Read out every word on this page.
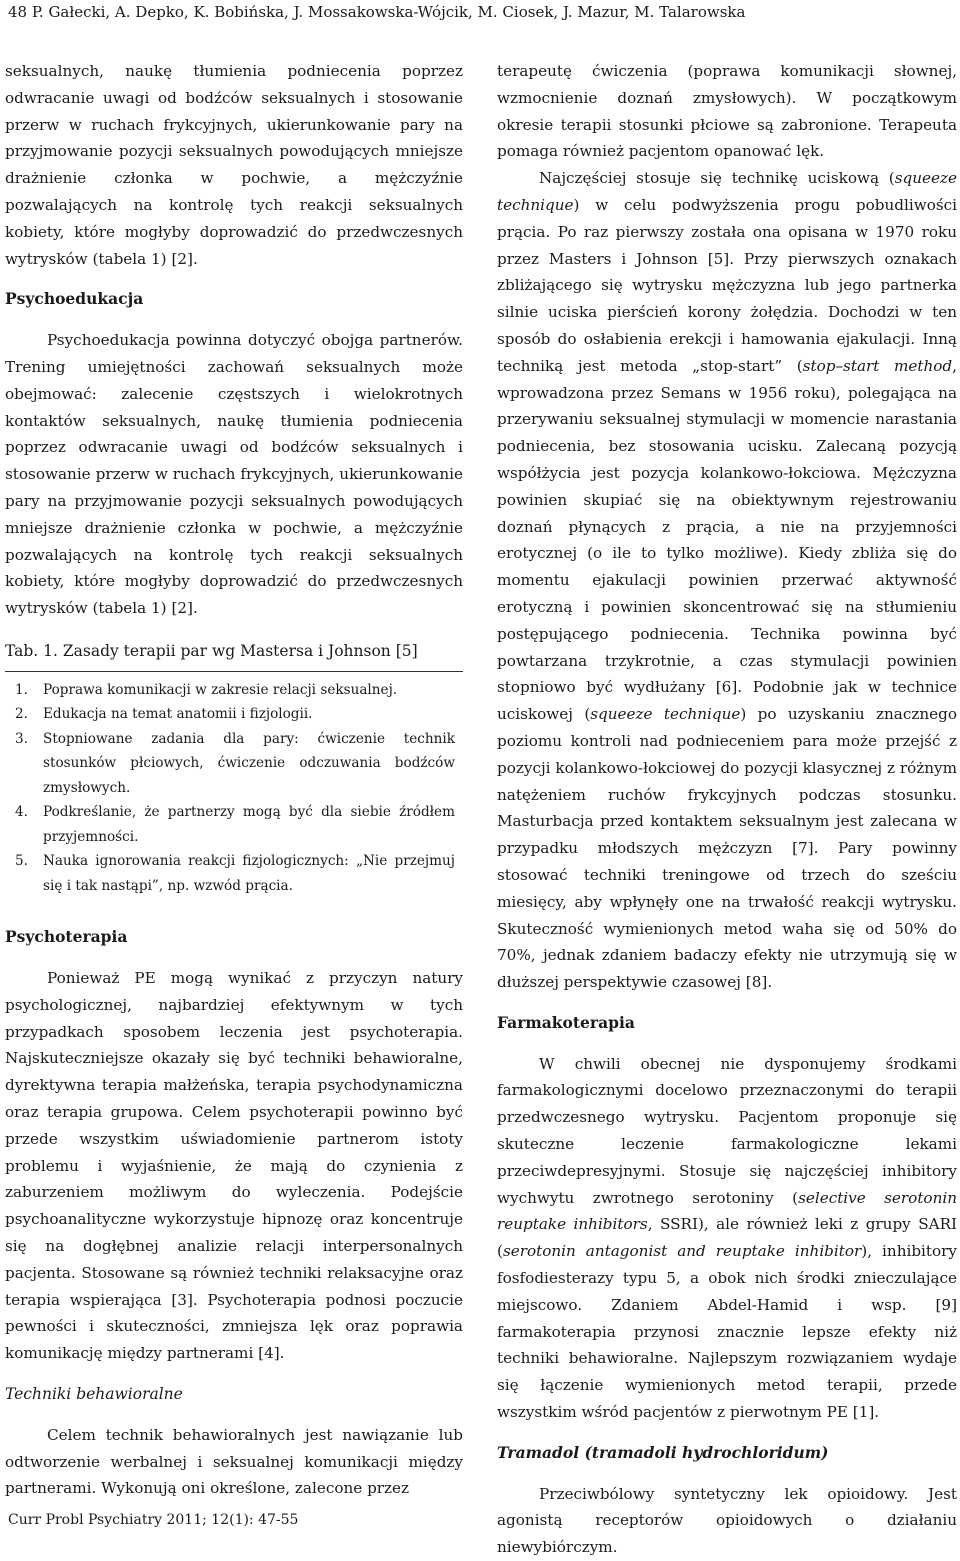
48 P. Gałecki, A. Depko, K. Bobińska, J. Mossakowska-Wójcik, M. Ciosek, J. Mazur, M. Talarowska

seksualnych, naukę tłumienia podniecenia poprzez odwracanie uwagi od bodźców seksualnych i stosowanie przerw w ruchach frykcyjnych, ukierunkowanie pary na przyjmowanie pozycji seksualnych powodujących mniejsze drażnienie członka w pochwie, a mężczyźnie pozwalających na kontrolę tych reakcji seksualnych kobiety, które mogłyby doprowadzić do przedwczesnych wytrysków (tabela 1) [2].

Psychoedukacja

Psychoedukacja powinna dotyczyć obojga partnerów. Trening umiejętności zachowań seksualnych może obejmować: zalecenie częstszych i wielokrotnych kontaktów seksualnych, naukę tłumienia podniecenia poprzez odwracanie uwagi od bodźców seksualnych i stosowanie przerw w ruchach frykcyjnych, ukierunkowanie pary na przyjmowanie pozycji seksualnych powodujących mniejsze drażnienie członka w pochwie, a mężczyźnie pozwalających na kontrolę tych reakcji seksualnych kobiety, które mogłyby doprowadzić do przedwczesnych wytrysków (tabela 1) [2].

Tab. 1. Zasady terapii par wg Mastersa i Johnson [5]
1.	Poprawa komunikacji w zakresie relacji seksualnej.
2.	Edukacja na temat anatomii i fizjologii.
3.	Stopniowane zadania dla pary: ćwiczenie technik stosunków płciowych, ćwiczenie odczuwania bodźców zmysłowych.
4.	Podkreślanie, że partnerzy mogą być dla siebie źródłem przyjemności.
5.	Nauka ignorowania reakcji fizjologicznych: „Nie przejmuj się i tak nastąpi”, np. wzwód prącia.
Psychoterapia

Ponieważ PE mogą wynikać z przyczyn natury psychologicznej, najbardziej efektywnym w tych przypadkach sposobem leczenia jest psychoterapia. Najskuteczniejsze okazały się być techniki behawioralne, dyrektywna terapia małżeńska, terapia psychodynamiczna oraz terapia grupowa. Celem psychoterapii powinno być przede wszystkim uświadomienie partnerom istoty problemu i wyjaśnienie, że mają do czynienia z zaburzeniem możliwym do wyleczenia. Podejście psychoanalityczne wykorzystuje hipnozę oraz koncentruje się na dogłębnej analizie relacji interpersonalnych pacjenta. Stosowane są również techniki relaksacyjne oraz terapia wspierająca [3]. Psychoterapia podnosi poczucie pewności i skuteczności, zmniejsza lęk oraz poprawia komunikację między partnerami [4].

Techniki behawioralne

Celem technik behawioralnych jest nawiązanie lub odtworzenie werbalnej i seksualnej komunikacji między partnerami. Wykonują oni określone, zalecone przez

terapeutę ćwiczenia (poprawa komunikacji słownej, wzmocnienie doznań zmysłowych). W początkowym okresie terapii stosunki płciowe są zabronione. Terapeuta pomaga również pacjentom opanować lęk.

Najczęściej stosuje się technikę uciskową (squeeze technique) w celu podwyższenia progu pobudliwości prącia. Po raz pierwszy została ona opisana w 1970 roku przez Masters i Johnson [5]. Przy pierwszych oznakach zbliżającego się wytrysku mężczyzna lub jego partnerka silnie uciska pierścień korony żołędzia. Dochodzi w ten sposób do osłabienia erekcji i hamowania ejakulacji. Inną techniką jest metoda „stop-start” (stop–start method, wprowadzona przez Semans w 1956 roku), polegająca na przerywaniu seksualnej stymulacji w momencie narastania podniecenia, bez stosowania ucisku. Zalecaną pozycją współżycia jest pozycja kolankowo-łokciowa. Mężczyzna powinien skupiać się na obiektywnym rejestrowaniu doznań płynących z prącia, a nie na przyjemności erotycznej (o ile to tylko możliwe). Kiedy zbliża się do momentu ejakulacji powinien przerwać aktywność erotyczną i powinien skoncentrować się na stłumieniu postępującego podniecenia. Technika powinna być powtarzana trzykrotnie, a czas stymulacji powinien stopniowo być wydłużany [6]. Podobnie jak w technice uciskowej (squeeze technique) po uzyskaniu znacznego poziomu kontroli nad podnieceniem para może przejść z pozycji kolankowo-łokciowej do pozycji klasycznej z różnym natężeniem ruchów frykcyjnych podczas stosunku. Masturbacja przed kontaktem seksualnym jest zalecana w przypadku młodszych mężczyzn [7]. Pary powinny stosować techniki treningowe od trzech do sześciu miesięcy, aby wpłynęły one na trwałość reakcji wytrysku. Skuteczność wymienionych metod waha się od 50% do 70%, jednak zdaniem badaczy efekty nie utrzymują się w dłuższej perspektywie czasowej [8].

Farmakoterapia

W chwili obecnej nie dysponujemy środkami farmakologicznymi docelowo przeznaczonymi do terapii przedwczesnego wytrysku. Pacjentom proponuje się skuteczne leczenie farmakologiczne lekami przeciwdepresyjnymi. Stosuje się najczęściej inhibitory wychwytu zwrotnego serotoniny (selective serotonin reuptake inhibitors, SSRI), ale również leki z grupy SARI (serotonin antagonist and reuptake inhibitor), inhibitory fosfodiesterazy typu 5, a obok nich środki znieczulające miejscowo. Zdaniem Abdel-Hamid i wsp. [9] farmakoterapia przynosi znacznie lepsze efekty niż techniki behawioralne. Najlepszym rozwiązaniem wydaje się łączenie wymienionych metod terapii, przede wszystkim wśród pacjentów z pierwotnym PE [1].

Tramadol (tramadoli hydrochloridum)

Przeciwbólowy syntetyczny lek opioidowy. Jest agonistą receptorów opioidowych o działaniu niewybiórczym.

Curr Probl Psychiatry 2011; 12(1): 47-55
